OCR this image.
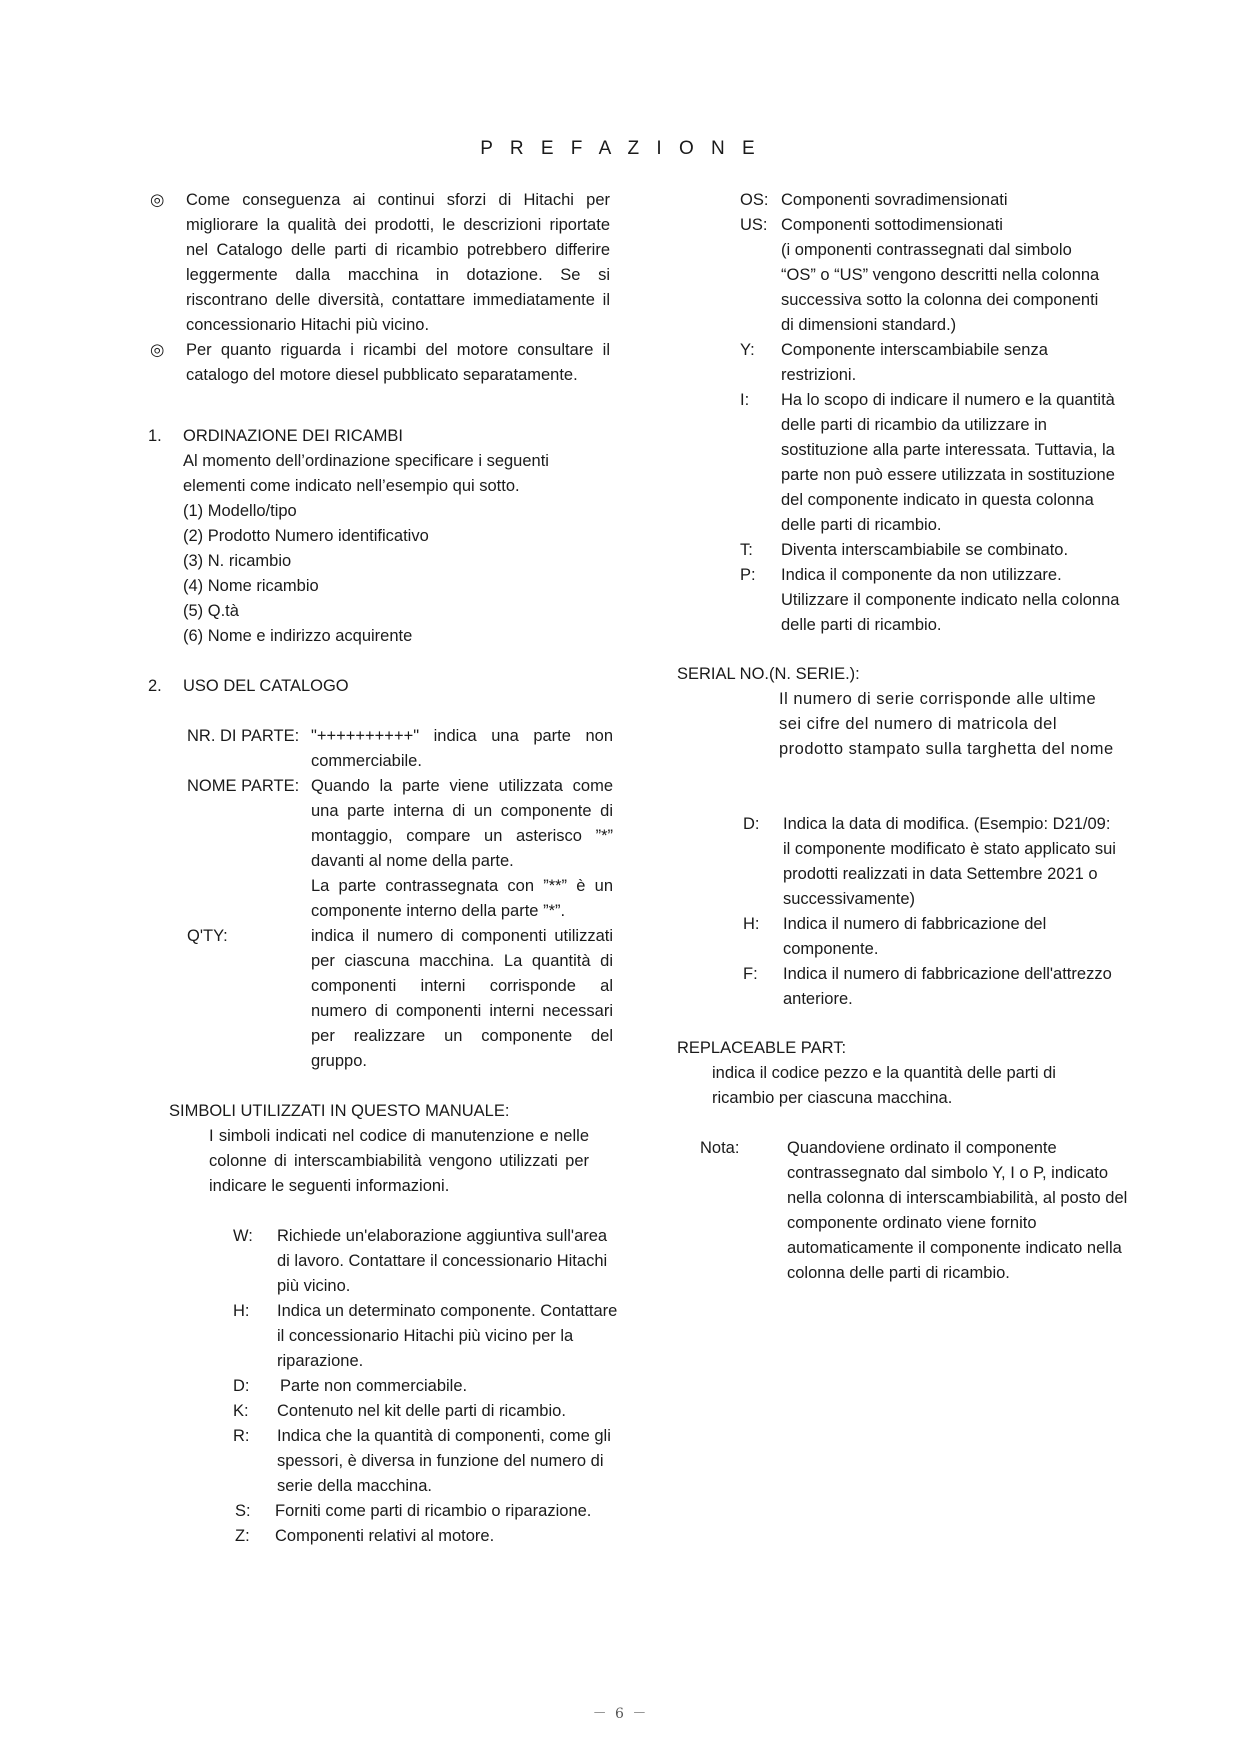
P R E F A Z I O N E
◎ Come conseguenza ai continui sforzi di Hitachi per migliorare la qualità dei prodotti, le descrizioni riportate nel Catalogo delle parti di ricambio potrebbero differire leggermente dalla macchina in dotazione. Se si riscontrano delle diversità, contattare immediatamente il concessionario Hitachi più vicino.
◎ Per quanto riguarda i ricambi del motore consultare il catalogo del motore diesel pubblicato separatamente.
1. ORDINAZIONE DEI RICAMBI
Al momento dell’ordinazione specificare i seguenti elementi come indicato nell’esempio qui sotto.
(1) Modello/tipo
(2) Prodotto Numero identificativo
(3) N. ricambio
(4) Nome ricambio
(5) Q.tà
(6) Nome e indirizzo acquirente
2. USO DEL CATALOGO
NR. DI PARTE: "++++++++++" indica una parte non commerciabile.
NOME PARTE: Quando la parte viene utilizzata come una parte interna di un componente di montaggio, compare un asterisco ”*” davanti al nome della parte.
La parte contrassegnata con ”**” è un componente interno della parte ”*”.
Q'TY:	indica il numero di componenti utilizzati per ciascuna macchina. La quantità di componenti interni corrisponde al numero di componenti interni necessari per realizzare un componente del gruppo.
SIMBOLI UTILIZZATI IN QUESTO MANUALE:
I simboli indicati nel codice di manutenzione e nelle colonne di interscambiabilità vengono utilizzati per indicare le seguenti informazioni.
W: Richiede un'elaborazione aggiuntiva sull'area di lavoro. Contattare il concessionario Hitachi più vicino.
H: Indica un determinato componente. Contattare il concessionario Hitachi più vicino per la riparazione.
D: Parte non commerciabile.
K: Contenuto nel kit delle parti di ricambio.
R: Indica che la quantità di componenti, come gli spessori, è diversa in funzione del numero di serie della macchina.
S: Forniti come parti di ricambio o riparazione.
Z: Componenti relativi al motore.
OS: Componenti sovradimensionati
US: Componenti sottodimensionati
(i omponenti contrassegnati dal simbolo “OS” o “US” vengono descritti nella colonna successiva sotto la colonna dei componenti di dimensioni standard.)
Y: Componente interscambiabile senza restrizioni.
I: Ha lo scopo di indicare il numero e la quantità delle parti di ricambio da utilizzare in sostituzione alla parte interessata. Tuttavia, la parte non può essere utilizzata in sostituzione del componente indicato in questa colonna delle parti di ricambio.
T: Diventa interscambiabile se combinato.
P: Indica il componente da non utilizzare. Utilizzare il componente indicato nella colonna delle parti di ricambio.
SERIAL NO.(N. SERIE.):
Il numero di serie corrisponde alle ultime sei cifre del numero di matricola del prodotto stampato sulla targhetta del nome
D: Indica la data di modifica. (Esempio: D21/09: il componente modificato è stato applicato sui prodotti realizzati in data Settembre 2021 o successivamente)
H: Indica il numero di fabbricazione del componente.
F: Indica il numero di fabbricazione dell'attrezzo anteriore.
REPLACEABLE PART:
indica il codice pezzo e la quantità delle parti di ricambio per ciascuna macchina.
Nota:	Quandoviene ordinato il componente contrassegnato dal simbolo Y, I o P, indicato nella colonna di interscambiabilità, al posto del componente ordinato viene fornito automaticamente il componente indicato nella colonna delle parti di ricambio.
－ 6 －
